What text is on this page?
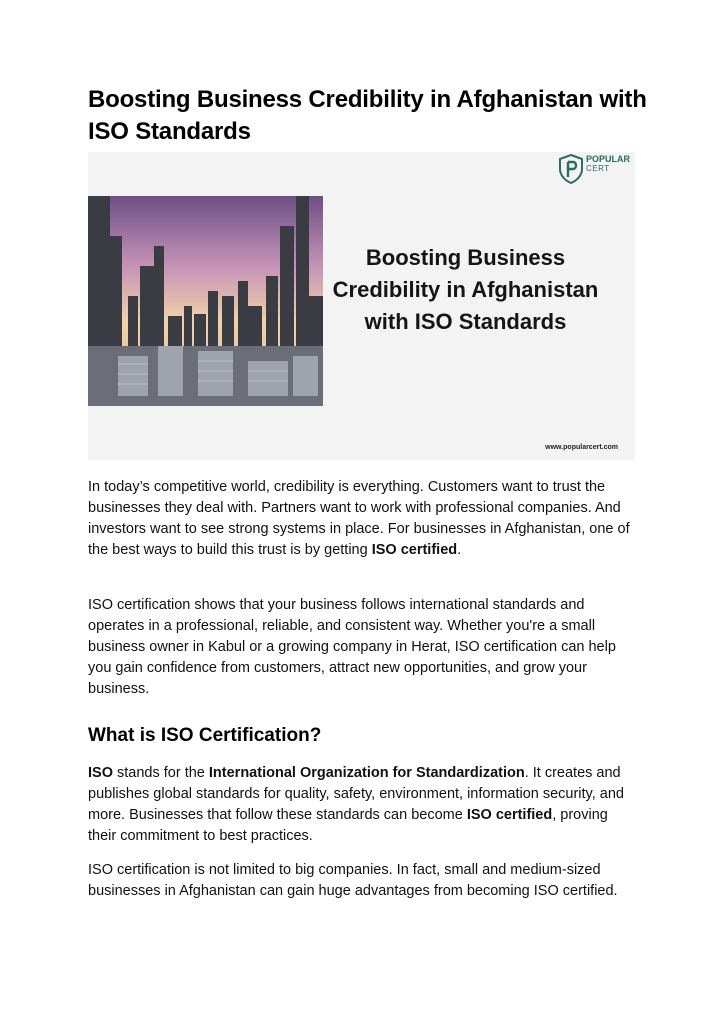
Boosting Business Credibility in Afghanistan with ISO Standards
POPULAR
CERT
Boosting Business Credibility in Afghanistan with ISO Standards
www.popularcert.com

In today’s competitive world, credibility is everything. Customers want to trust the businesses they deal with. Partners want to work with professional companies. And investors want to see strong systems in place. For businesses in Afghanistan, one of the best ways to build this trust is by getting ISO certified.

ISO certification shows that your business follows international standards and operates in a professional, reliable, and consistent way. Whether you're a small business owner in Kabul or a growing company in Herat, ISO certification can help you gain confidence from customers, attract new opportunities, and grow your business.

What is ISO Certification?

ISO stands for the International Organization for Standardization. It creates and publishes global standards for quality, safety, environment, information security, and more. Businesses that follow these standards can become ISO certified, proving their commitment to best practices.

ISO certification is not limited to big companies. In fact, small and medium-sized businesses in Afghanistan can gain huge advantages from becoming ISO certified.
